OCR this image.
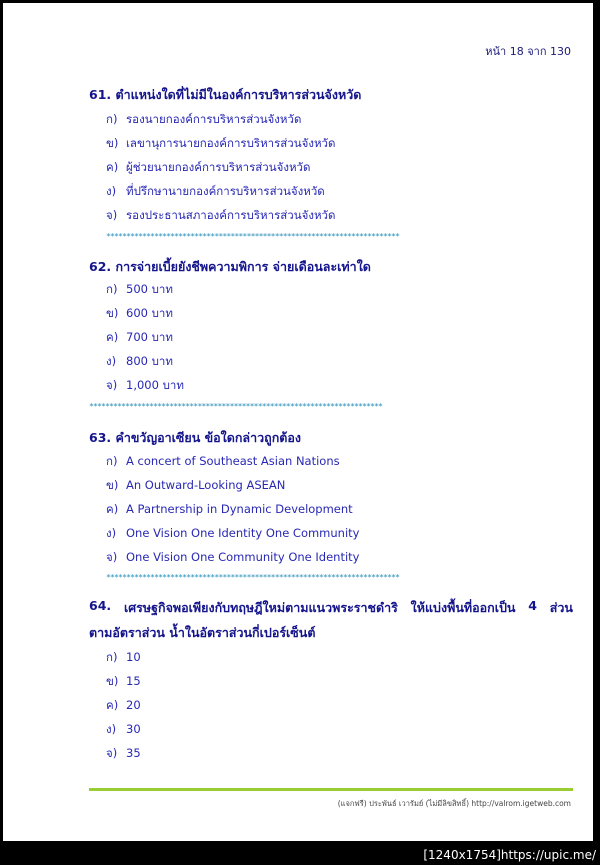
หน้า 18 จาก 130
61. ตำแหน่งใดที่ไม่มีในองค์การบริหารส่วนจังหวัด
ก) รองนายกองค์การบริหารส่วนจังหวัด
ข) เลขานุการนายกองค์การบริหารส่วนจังหวัด
ค) ผู้ช่วยนายกองค์การบริหารส่วนจังหวัด
ง) ที่ปรึกษานายกองค์การบริหารส่วนจังหวัด
จ) รองประธานสภาองค์การบริหารส่วนจังหวัด
*************************************************************************
62. การจ่ายเบี้ยยังชีพความพิการ จ่ายเดือนละเท่าใด
ก) 500 บาท
ข) 600 บาท
ค) 700 บาท
ง) 800 บาท
จ) 1,000 บาท
*************************************************************************
63. คำขวัญอาเซียน ข้อใดกล่าวถูกต้อง
ก) A concert of Southeast Asian Nations
ข) An Outward-Looking ASEAN
ค) A Partnership in Dynamic Development
ง) One Vision One Identity One Community
จ) One Vision One Community One Identity
*************************************************************************
64. เศรษฐกิจพอเพียงกับทฤษฎีใหม่ตามแนวพระราชดำริ ให้แบ่งพื้นที่ออกเป็น 4 ส่วน
ตามอัตราส่วน น้ำในอัตราส่วนกี่เปอร์เซ็นต์
ก) 10
ข) 15
ค) 20
ง) 30
จ) 35
(แจกฟรี) ประพันธ์ เวารัมย์ (ไม่มีลิขสิทธิ์) http://valrom.igetweb.com
[1240x1754]https://upic.me/
